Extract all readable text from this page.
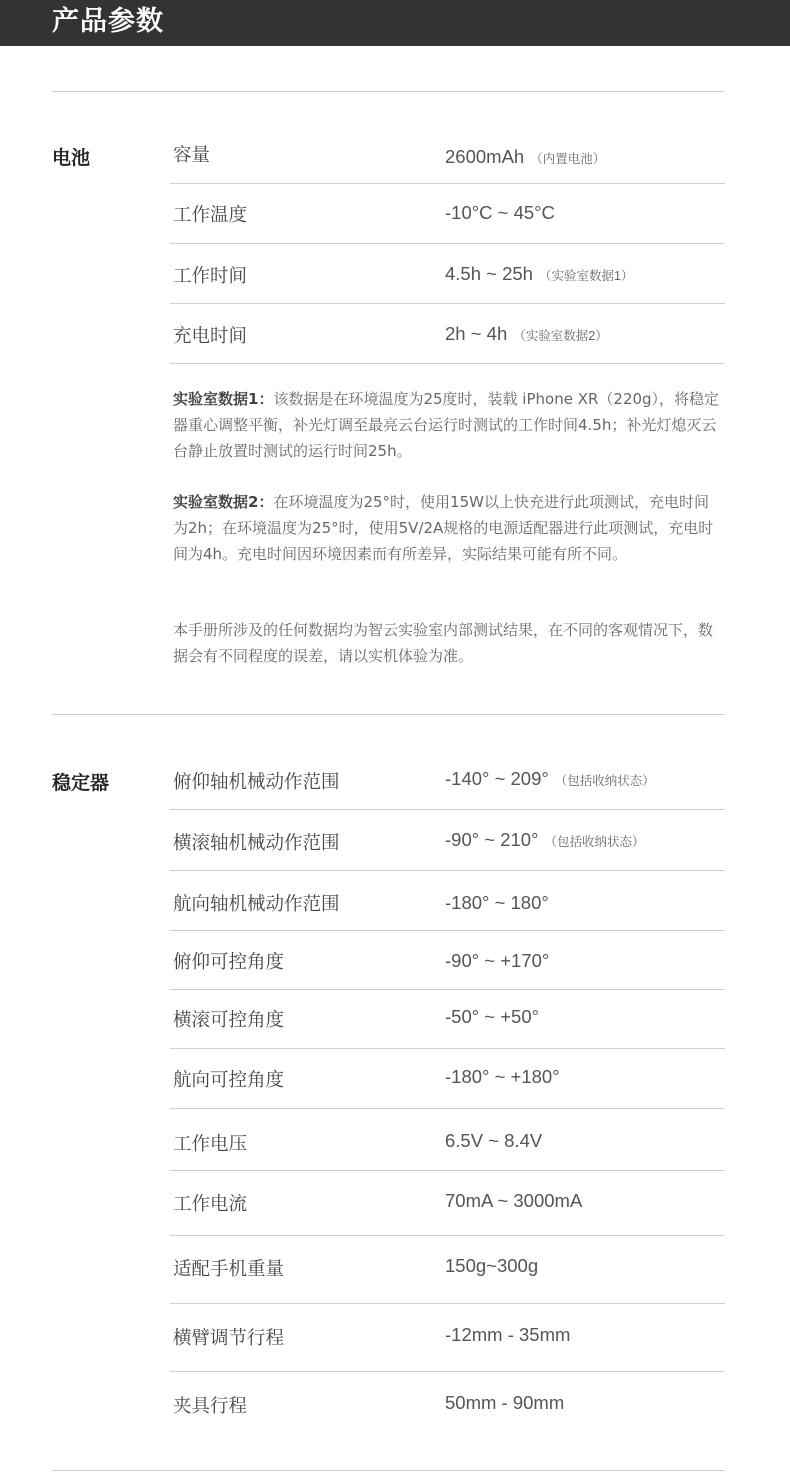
产品参数
电池	容量	2600mAh （内置电池）
工作温度	-10°C ~ 45°C
工作时间	4.5h ~ 25h （实验室数据1）
充电时间	2h ~ 4h （实验室数据2）
实验室数据1：该数据是在环境温度为25度时，装载 iPhone XR（220g），将稳定器重心调整平衡，补光灯调至最亮云台运行时测试的工作时间4.5h；补光灯熄灭云台静止放置时测试的运行时间25h。
实验室数据2：在环境温度为25°时，使用15W以上快充进行此项测试，充电时间为2h；在环境温度为25°时，使用5V/2A规格的电源适配器进行此项测试，充电时间为4h。充电时间因环境因素而有所差异，实际结果可能有所不同。
本手册所涉及的任何数据均为智云实验室内部测试结果，在不同的客观情况下，数据会有不同程度的误差，请以实机体验为准。
稳定器	俯仰轴机械动作范围	-140° ~ 209° （包括收纳状态）
横滚轴机械动作范围	-90° ~ 210° （包括收纳状态）
航向轴机械动作范围	-180° ~ 180°
俯仰可控角度	-90° ~ +170°
横滚可控角度	-50° ~ +50°
航向可控角度	-180° ~ +180°
工作电压	6.5V ~ 8.4V
工作电流	70mA ~ 3000mA
适配手机重量	150g~300g
横臂调节行程	-12mm - 35mm
夹具行程	50mm - 90mm
